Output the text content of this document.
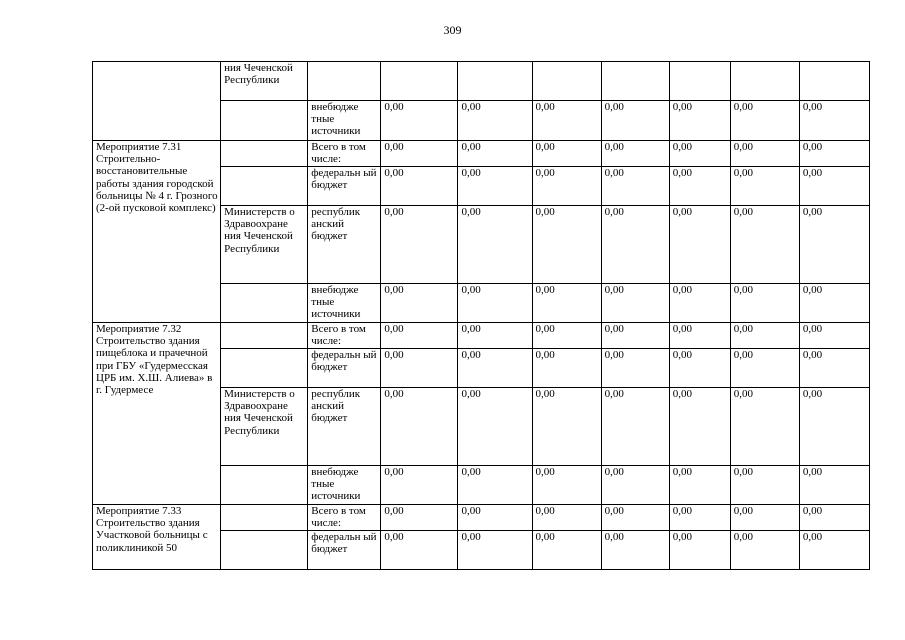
309
	ния Чеченской Республики								
		внебюдже тные источники	0,00	0,00	0,00	0,00	0,00	0,00	0,00
Мероприятие 7.31 Строительно-восстановительные работы здания городской больницы № 4 г. Грозного (2-ой пусковой комплекс)		Всего в том числе:	0,00	0,00	0,00	0,00	0,00	0,00	0,00
		федеральн ый бюджет	0,00	0,00	0,00	0,00	0,00	0,00	0,00
	Министерств о Здравоохране ния Чеченской Республики	республик анский бюджет	0,00	0,00	0,00	0,00	0,00	0,00	0,00
		внебюдже тные источники	0,00	0,00	0,00	0,00	0,00	0,00	0,00
Мероприятие 7.32 Строительство здания пищеблока и прачечной при ГБУ «Гудермесская ЦРБ им. Х.Ш. Алиева» в г. Гудермесе		Всего в том числе:	0,00	0,00	0,00	0,00	0,00	0,00	0,00
		федеральн ый бюджет	0,00	0,00	0,00	0,00	0,00	0,00	0,00
	Министерств о Здравоохране ния Чеченской Республики	республик анский бюджет	0,00	0,00	0,00	0,00	0,00	0,00	0,00
		внебюдже тные источники	0,00	0,00	0,00	0,00	0,00	0,00	0,00
Мероприятие 7.33 Строительство здания Участковой больницы с поликлиникой 50		Всего в том числе:	0,00	0,00	0,00	0,00	0,00	0,00	0,00
		федеральн ый бюджет	0,00	0,00	0,00	0,00	0,00	0,00	0,00
